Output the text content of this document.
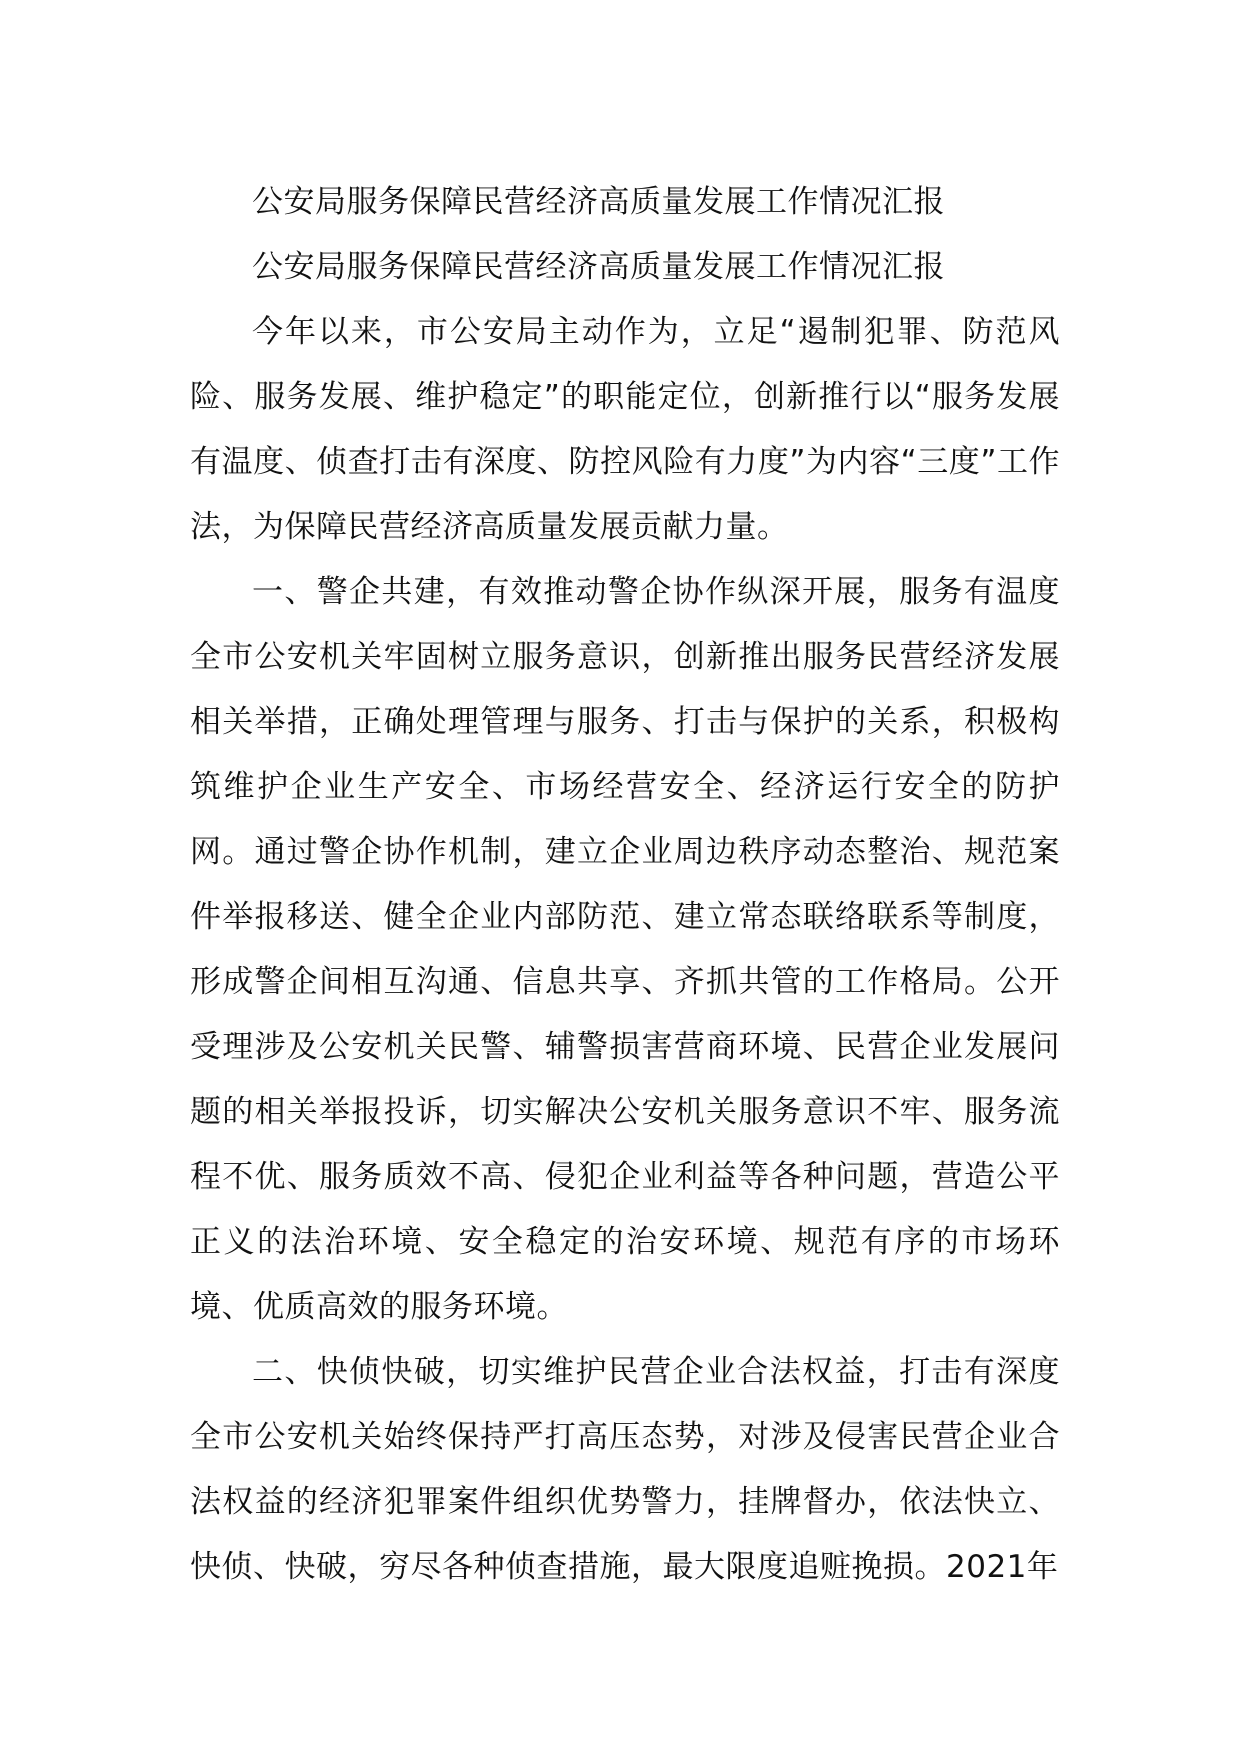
公安局服务保障民营经济高质量发展工作情况汇报

公安局服务保障民营经济高质量发展工作情况汇报

今年以来，市公安局主动作为，立足“遏制犯罪、防范风险、服务发展、维护稳定”的职能定位，创新推行以“服务发展有温度、侦查打击有深度、防控风险有力度”为内容“三度”工作法，为保障民营经济高质量发展贡献力量。

一、警企共建，有效推动警企协作纵深开展，服务有温度全市公安机关牢固树立服务意识，创新推出服务民营经济发展相关举措，正确处理管理与服务、打击与保护的关系，积极构筑维护企业生产安全、市场经营安全、经济运行安全的防护网。通过警企协作机制，建立企业周边秩序动态整治、规范案件举报移送、健全企业内部防范、建立常态联络联系等制度，形成警企间相互沟通、信息共享、齐抓共管的工作格局。公开受理涉及公安机关民警、辅警损害营商环境、民营企业发展问题的相关举报投诉，切实解决公安机关服务意识不牢、服务流程不优、服务质效不高、侵犯企业利益等各种问题，营造公平正义的法治环境、安全稳定的治安环境、规范有序的市场环境、优质高效的服务环境。

二、快侦快破，切实维护民营企业合法权益，打击有深度全市公安机关始终保持严打高压态势，对涉及侵害民营企业合法权益的经济犯罪案件组织优势警力，挂牌督办，依法快立、快侦、快破，穷尽各种侦查措施，最大限度追赃挽损。2021年
